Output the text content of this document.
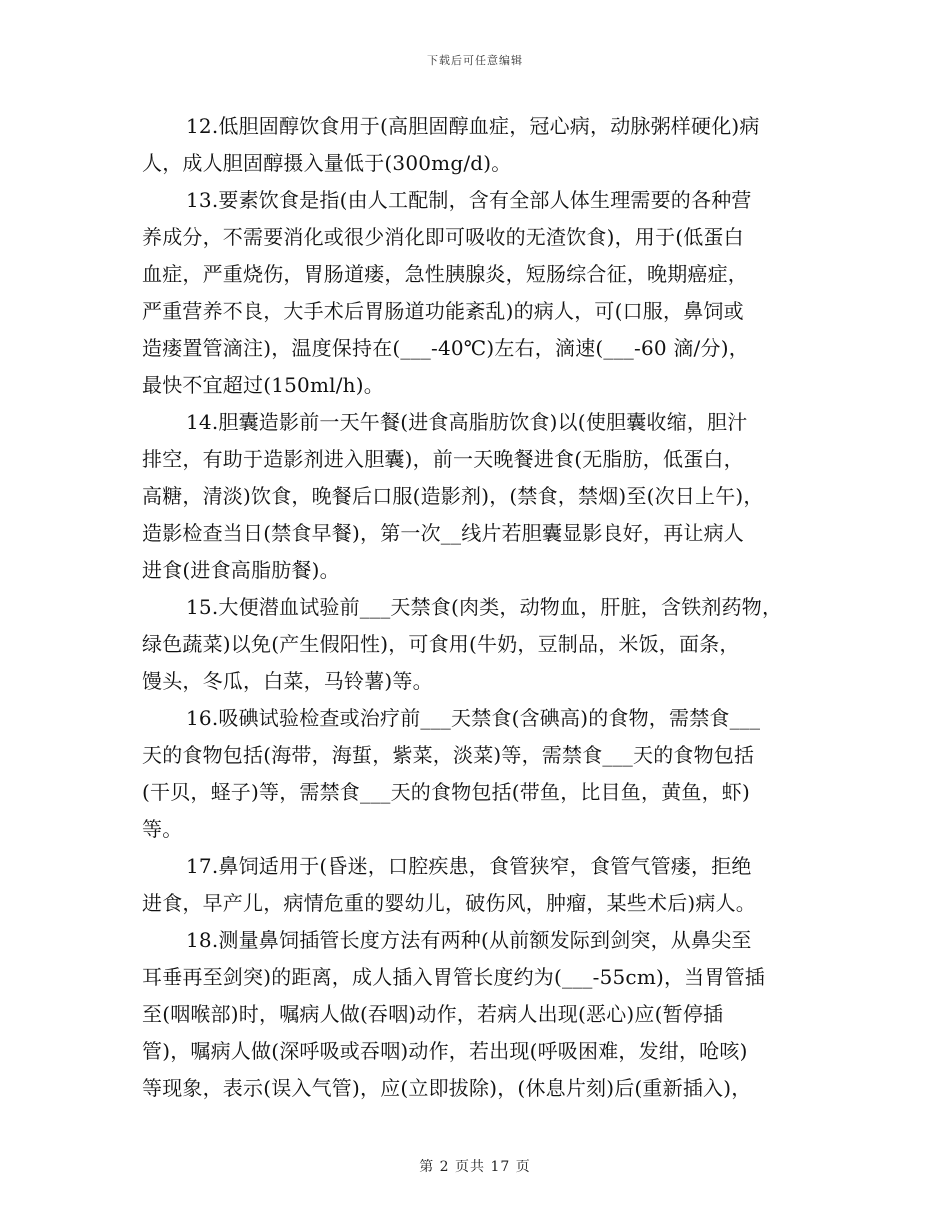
下载后可任意编辑
12.低胆固醇饮食用于(高胆固醇血症，冠心病，动脉粥样硬化)病
人，成人胆固醇摄入量低于(300mg/d)。
13.要素饮食是指(由人工配制，含有全部人体生理需要的各种营
养成分，不需要消化或很少消化即可吸收的无渣饮食)，用于(低蛋白
血症，严重烧伤，胃肠道瘘，急性胰腺炎，短肠综合征，晚期癌症，
严重营养不良，大手术后胃肠道功能紊乱)的病人，可(口服，鼻饲或
造瘘置管滴注)，温度保持在(___-40℃)左右，滴速(___-60 滴/分)，
最快不宜超过(150ml/h)。
14.胆囊造影前一天午餐(进食高脂肪饮食)以(使胆囊收缩，胆汁
排空，有助于造影剂进入胆囊)，前一天晚餐进食(无脂肪，低蛋白，
高糖，清淡)饮食，晚餐后口服(造影剂)，(禁食，禁烟)至(次日上午)，
造影检查当日(禁食早餐)，第一次__线片若胆囊显影良好，再让病人
进食(进食高脂肪餐)。
15.大便潜血试验前___天禁食(肉类，动物血，肝脏，含铁剂药物，
绿色蔬菜)以免(产生假阳性)，可食用(牛奶，豆制品，米饭，面条，
馒头，冬瓜，白菜，马铃薯)等。
16.吸碘试验检查或治疗前___天禁食(含碘高)的食物，需禁食___
天的食物包括(海带，海蜇，紫菜，淡菜)等，需禁食___天的食物包括
(干贝，蛏子)等，需禁食___天的食物包括(带鱼，比目鱼，黄鱼，虾)
等。
17.鼻饲适用于(昏迷，口腔疾患，食管狭窄，食管气管瘘，拒绝
进食，早产儿，病情危重的婴幼儿，破伤风，肿瘤，某些术后)病人。
18.测量鼻饲插管长度方法有两种(从前额发际到剑突，从鼻尖至
耳垂再至剑突)的距离，成人插入胃管长度约为(___-55cm)，当胃管插
至(咽喉部)时，嘱病人做(吞咽)动作，若病人出现(恶心)应(暂停插
管)，嘱病人做(深呼吸或吞咽)动作，若出现(呼吸困难，发绀，呛咳)
等现象，表示(误入气管)，应(立即拔除)，(休息片刻)后(重新插入)，
第 2 页共 17 页
